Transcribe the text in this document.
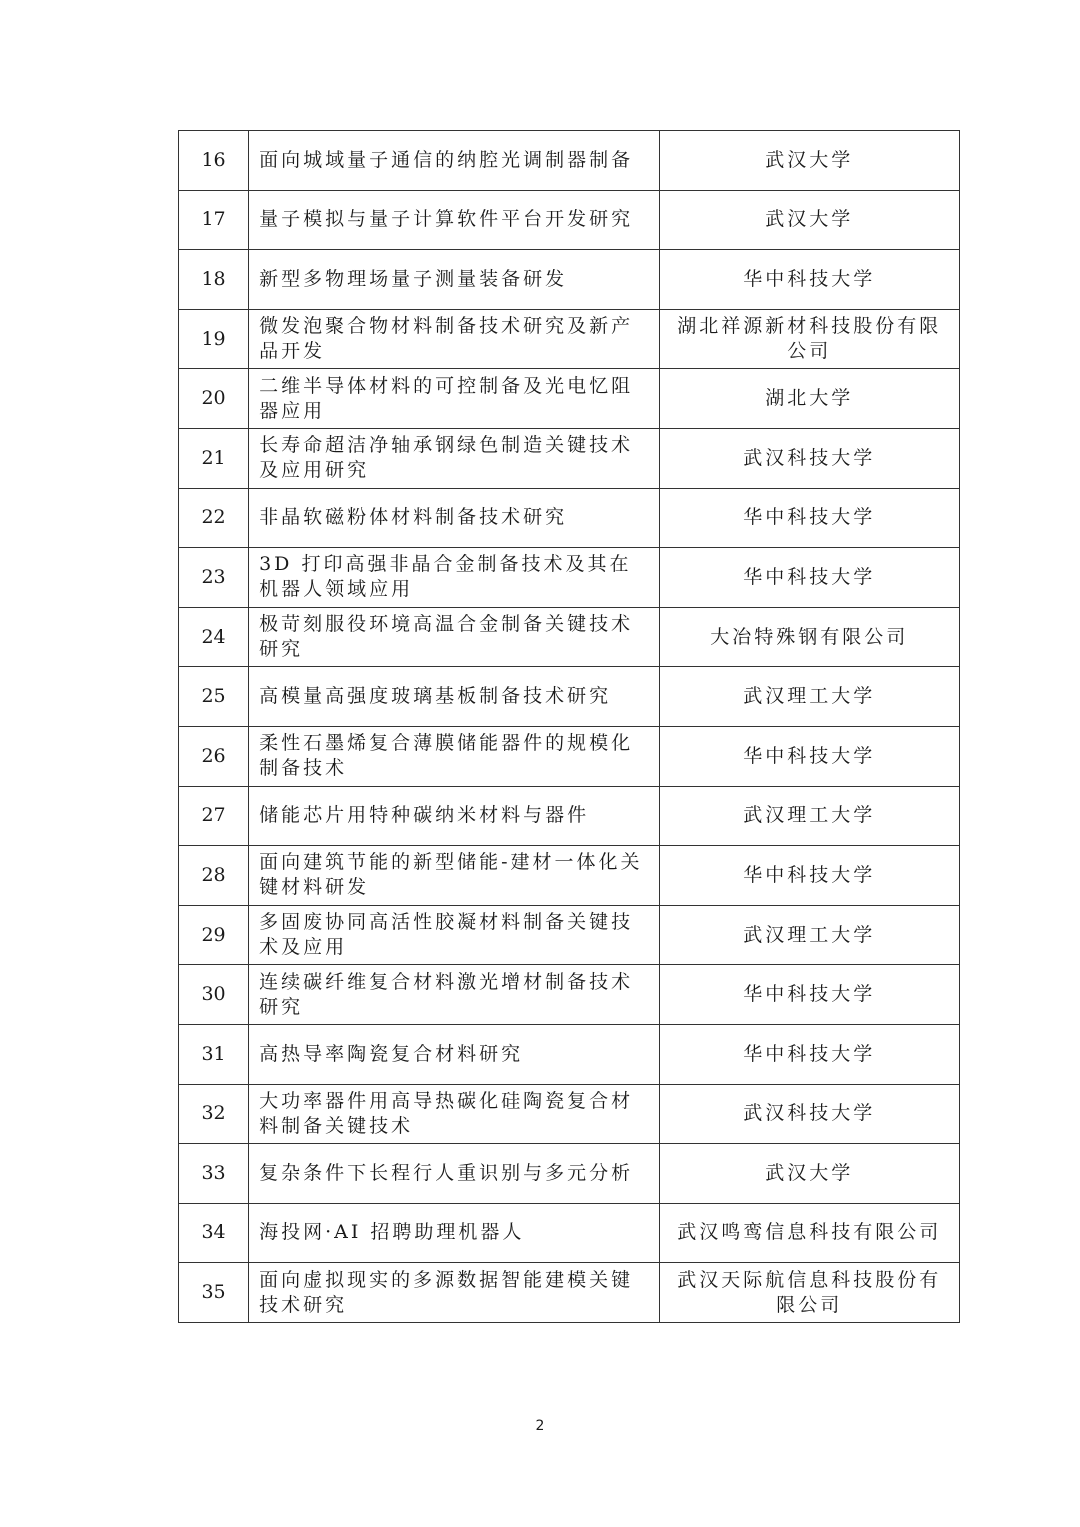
16	面向城域量子通信的纳腔光调制器制备	武汉大学
17	量子模拟与量子计算软件平台开发研究	武汉大学
18	新型多物理场量子测量装备研发	华中科技大学
19	微发泡聚合物材料制备技术研究及新产品开发	湖北祥源新材科技股份有限公司
20	二维半导体材料的可控制备及光电忆阻器应用	湖北大学
21	长寿命超洁净轴承钢绿色制造关键技术及应用研究	武汉科技大学
22	非晶软磁粉体材料制备技术研究	华中科技大学
23	3D 打印高强非晶合金制备技术及其在机器人领域应用	华中科技大学
24	极苛刻服役环境高温合金制备关键技术研究	大冶特殊钢有限公司
25	高模量高强度玻璃基板制备技术研究	武汉理工大学
26	柔性石墨烯复合薄膜储能器件的规模化制备技术	华中科技大学
27	储能芯片用特种碳纳米材料与器件	武汉理工大学
28	面向建筑节能的新型储能-建材一体化关键材料研发	华中科技大学
29	多固废协同高活性胶凝材料制备关键技术及应用	武汉理工大学
30	连续碳纤维复合材料激光增材制备技术研究	华中科技大学
31	高热导率陶瓷复合材料研究	华中科技大学
32	大功率器件用高导热碳化硅陶瓷复合材料制备关键技术	武汉科技大学
33	复杂条件下长程行人重识别与多元分析	武汉大学
34	海投网·AI 招聘助理机器人	武汉鸣鸾信息科技有限公司
35	面向虚拟现实的多源数据智能建模关键技术研究	武汉天际航信息科技股份有限公司
2
